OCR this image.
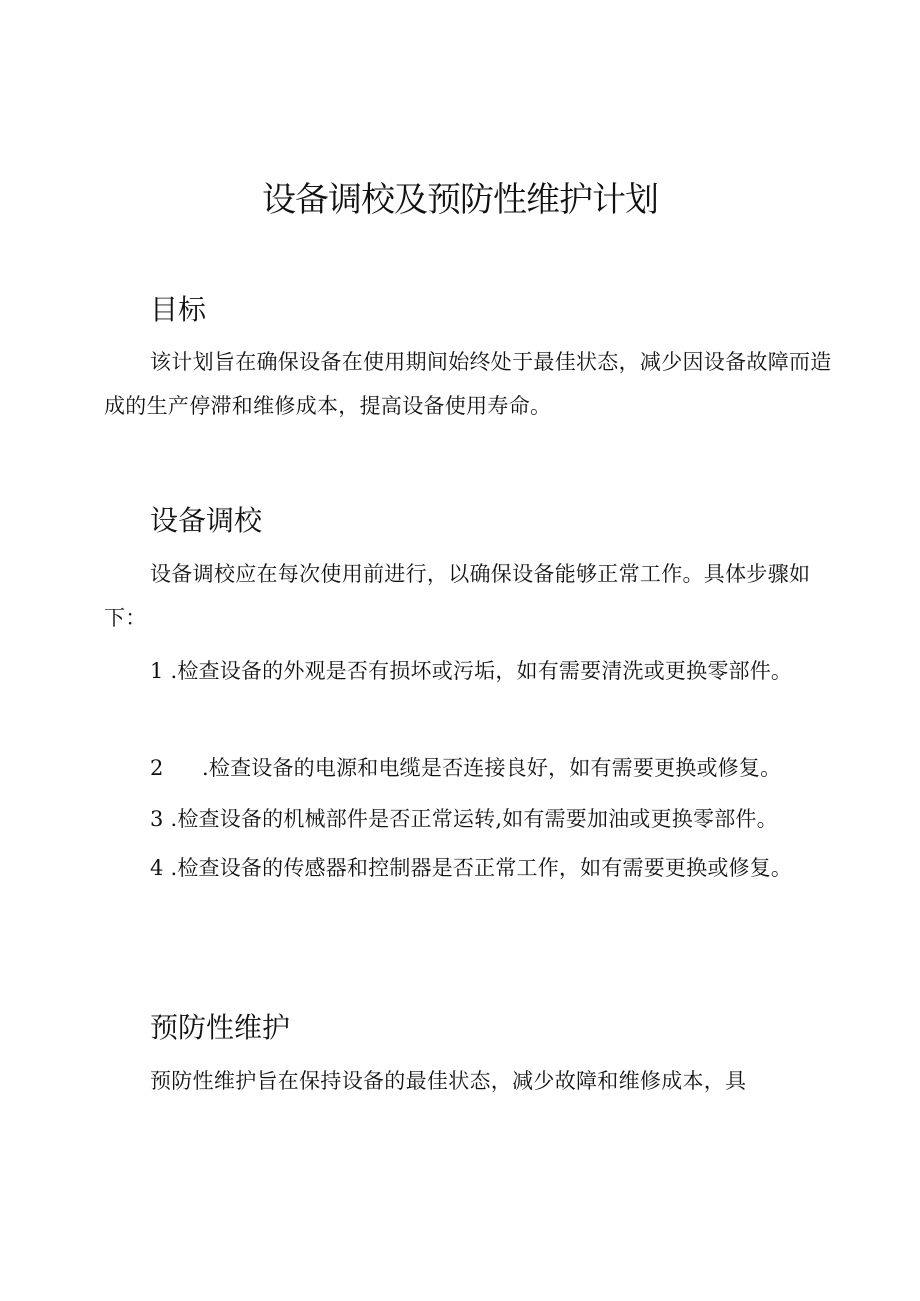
设备调校及预防性维护计划
目标

该计划旨在确保设备在使用期间始终处于最佳状态，减少因设备故障而造成的生产停滞和维修成本，提高设备使用寿命。

设备调校

设备调校应在每次使用前进行，以确保设备能够正常工作。具体步骤如下：

1 .检查设备的外观是否有损坏或污垢，如有需要清洗或更换零部件。

2 .检查设备的电源和电缆是否连接良好，如有需要更换或修复。

3 .检查设备的机械部件是否正常运转,如有需要加油或更换零部件。

4 .检查设备的传感器和控制器是否正常工作，如有需要更换或修复。

预防性维护

预防性维护旨在保持设备的最佳状态，减少故障和维修成本，具
